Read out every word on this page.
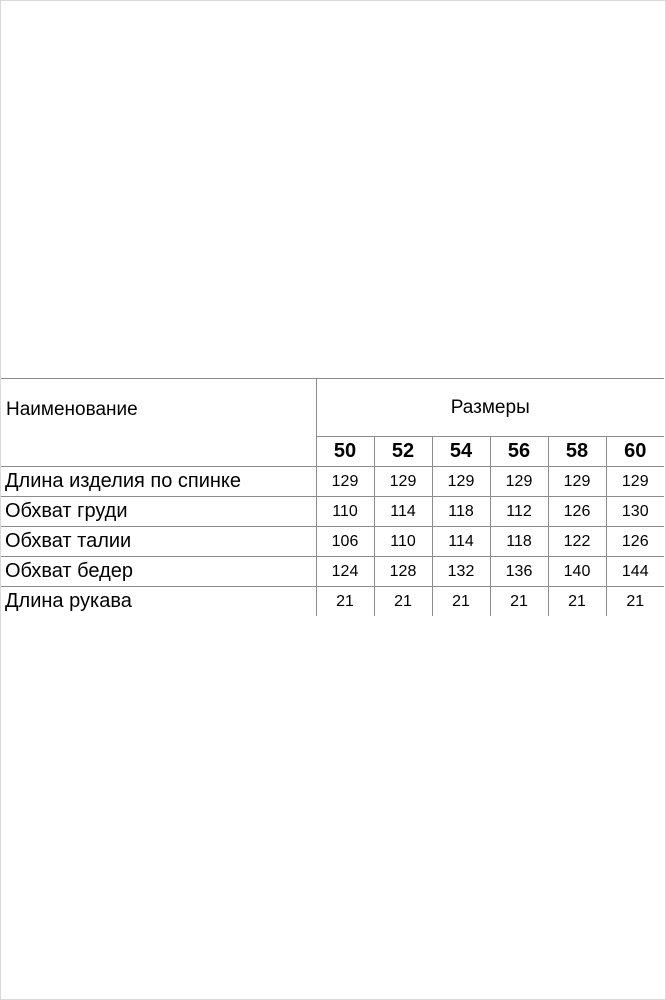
Наименование	Размеры					
	50	52	54	56	58	60
Длина изделия по спинке	129	129	129	129	129	129
Обхват груди	110	114	118	112	126	130
Обхват талии	106	110	114	118	122	126
Обхват бедер	124	128	132	136	140	144
Длина рукава	21	21	21	21	21	21
